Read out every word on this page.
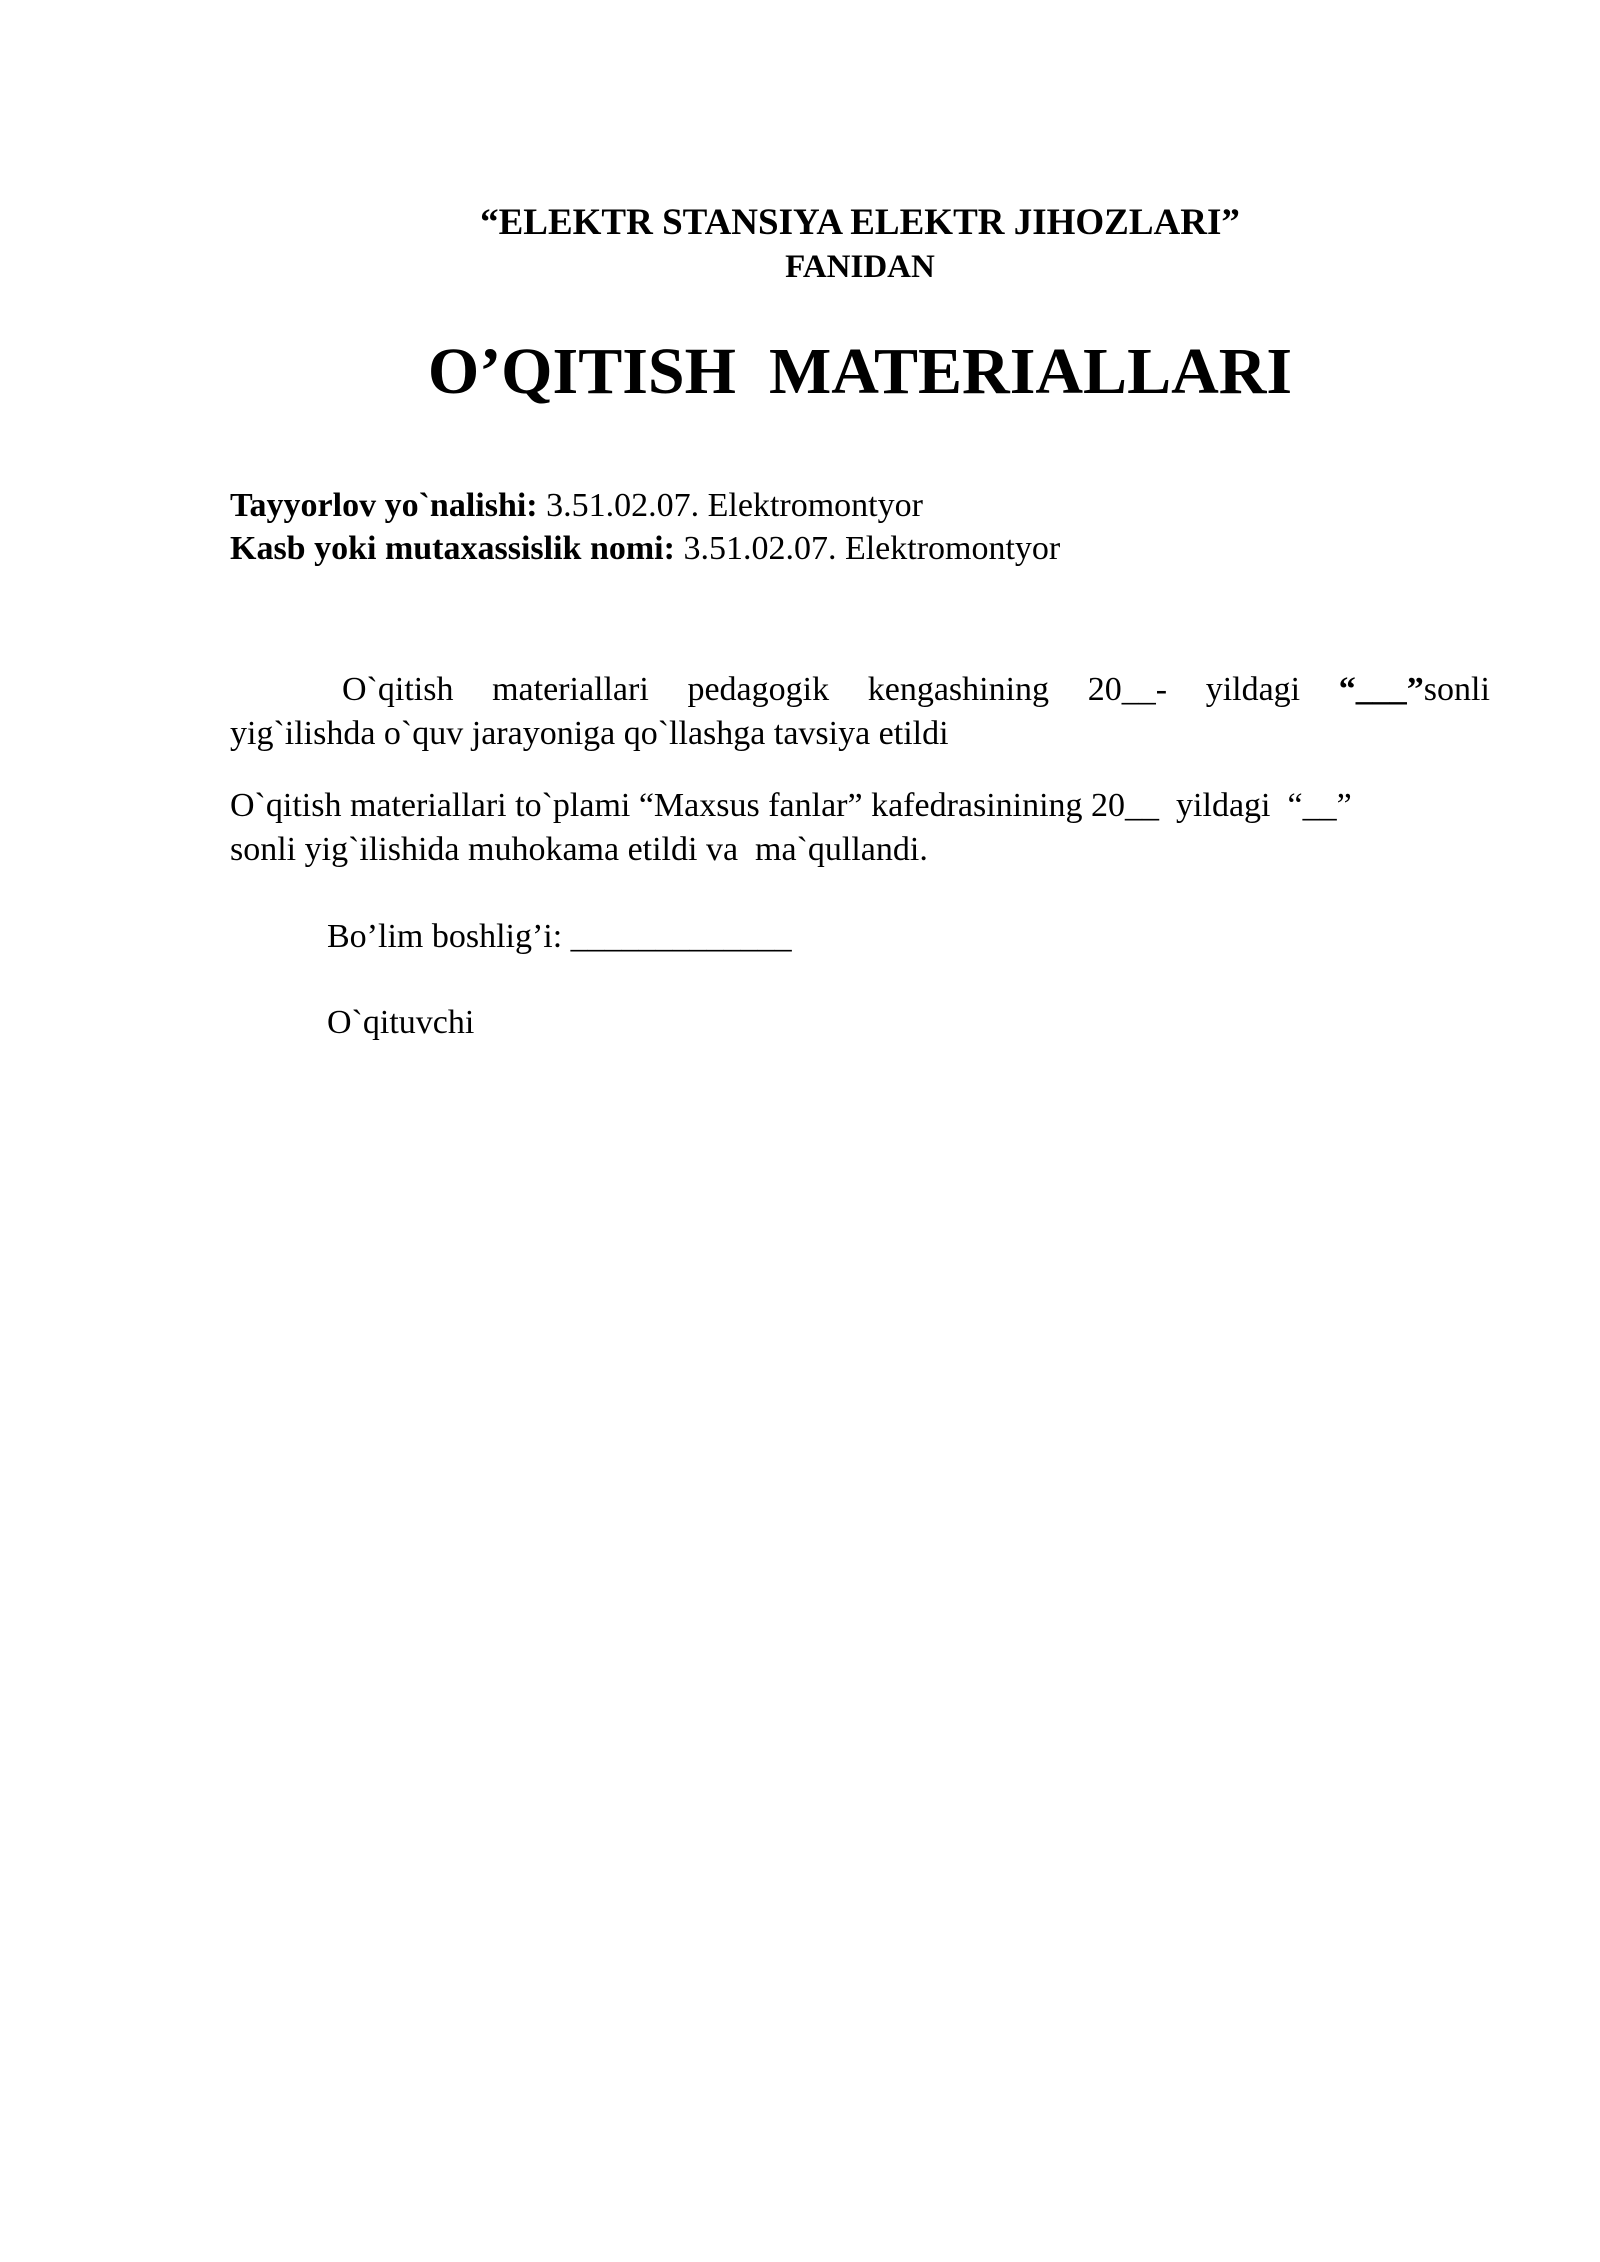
“ELEKTR STANSIYA ELEKTR JIHOZLARI”
FANIDAN
O’QITISH  MATERIALLARI
Tayyorlov yo`nalishi: 3.51.02.07. Elektromontyor
Kasb yoki mutaxassislik nomi: 3.51.02.07. Elektromontyor
O`qitish materiallari pedagogik kengashining 20__- yildagi “___”sonli
yig`ilishda o`quv jarayoniga qo`llashga tavsiya etildi
O`qitish materiallari to`plami “Maxsus fanlar” kafedrasinining 20__  yildagi  “__”
sonli yig`ilishida muhokama etildi va  ma`qullandi.
Bo’lim boshlig’i: _____________
O`qituvchi
